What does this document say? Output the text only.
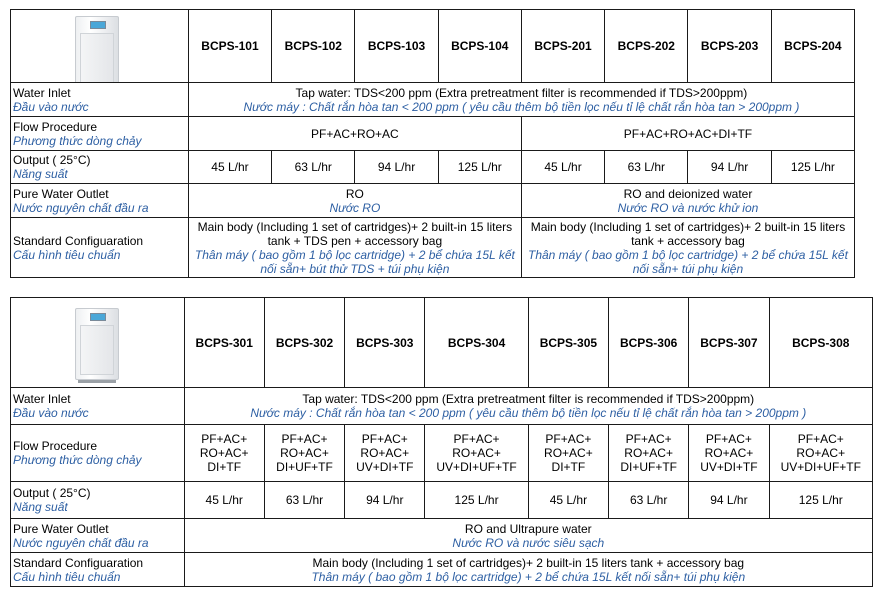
	BCPS-101	BCPS-102	BCPS-103	BCPS-104	BCPS-201	BCPS-202	BCPS-203	BCPS-204

Water Inlet
Đầu vào nước	Tap water: TDS<200 ppm (Extra pretreatment filter is recommended if TDS>200ppm)
Nước máy : Chất rắn hòa tan < 200 ppm ( yêu cầu thêm bộ tiền lọc nếu tỉ lệ chất rắn hòa tan > 200ppm )							

Flow Procedure
Phương thức dòng chảy	PF+AC+RO+AC				PF+AC+RO+AC+DI+TF			

Output ( 25°C)
Năng suất	45 L/hr	63 L/hr	94 L/hr	125 L/hr	45 L/hr	63 L/hr	94 L/hr	125 L/hr

Pure Water Outlet
Nước nguyên chất đầu ra	RO
Nước RO				RO and deionized water
Nước RO và nước khử ion			

Standard Configuaration
Cấu hình tiêu chuẩn	Main body (Including 1 set of cartridges)+ 2 built-in 15 liters tank + TDS pen + accessory bag
Thân máy ( bao gồm 1 bộ lọc cartridge) + 2 bể chứa 15L kết nối sẵn+ bút thử TDS + túi phụ kiện				Main body (Including 1 set of cartridges)+ 2 built-in 15 liters tank + accessory bag
Thân máy ( bao gồm 1 bộ lọc cartridge) + 2 bể chứa 15L kết nối sẵn+ túi phụ kiện			
	BCPS-301	BCPS-302	BCPS-303	BCPS-304	BCPS-305	BCPS-306	BCPS-307	BCPS-308

Water Inlet
Đầu vào nước	Tap water: TDS<200 ppm (Extra pretreatment filter is recommended if TDS>200ppm)
Nước máy : Chất rắn hòa tan < 200 ppm ( yêu cầu thêm bộ tiền lọc nếu tỉ lệ chất rắn hòa tan > 200ppm )							

Flow Procedure
Phương thức dòng chảy	PF+AC+
RO+AC+
DI+TF	PF+AC+
RO+AC+
DI+UF+TF	PF+AC+
RO+AC+
UV+DI+TF	PF+AC+
RO+AC+
UV+DI+UF+TF	PF+AC+
RO+AC+
DI+TF	PF+AC+
RO+AC+
DI+UF+TF	PF+AC+
RO+AC+
UV+DI+TF	PF+AC+
RO+AC+
UV+DI+UF+TF

Output ( 25°C)
Năng suất	45 L/hr	63 L/hr	94 L/hr	125 L/hr	45 L/hr	63 L/hr	94 L/hr	125 L/hr

Pure Water Outlet
Nước nguyên chất đầu ra	RO and Ultrapure water
Nước RO và nước siêu sạch							

Standard Configuaration
Cấu hình tiêu chuẩn	Main body (Including 1 set of cartridges)+ 2 built-in 15 liters tank + accessory bag
Thân máy ( bao gồm 1 bộ lọc cartridge) + 2 bể chứa 15L kết nối sẵn+ túi phụ kiện							
